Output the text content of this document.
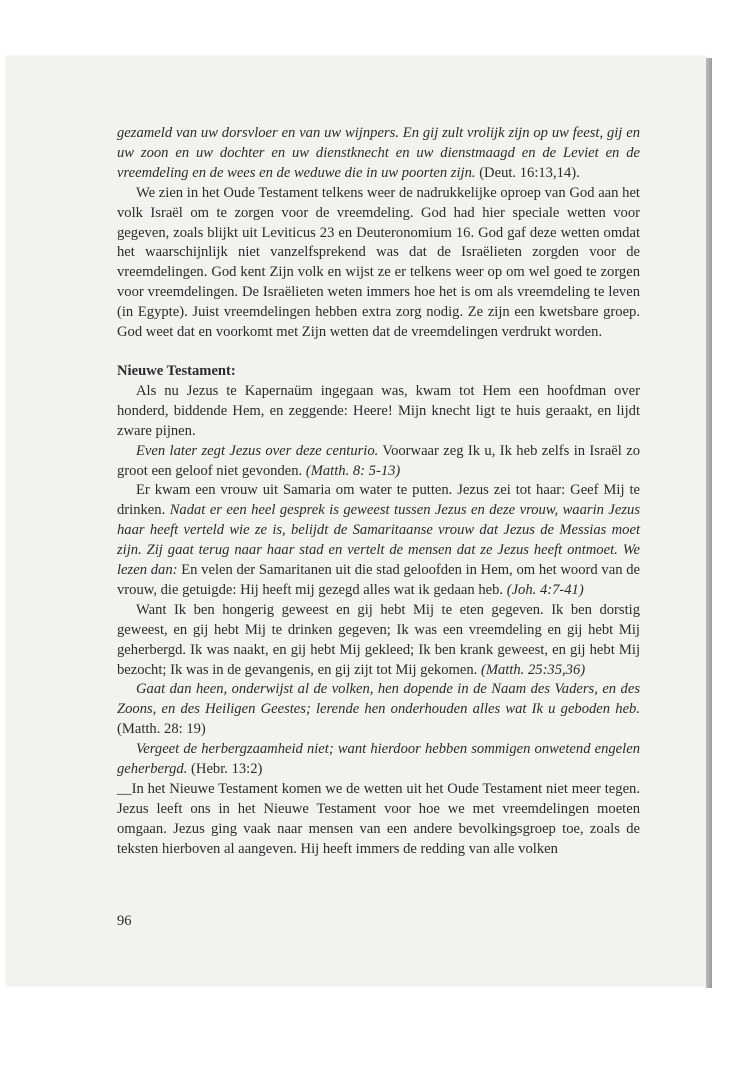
gezameld van uw dorsvloer en van uw wijnpers. En gij zult vrolijk zijn op uw feest, gij en uw zoon en uw dochter en uw dienstknecht en uw dienstmaagd en de Leviet en de vreemdeling en de wees en de weduwe die in uw poorten zijn. (Deut. 16:13,14).

We zien in het Oude Testament telkens weer de nadrukkelijke oproep van God aan het volk Israël om te zorgen voor de vreemdeling. God had hier speciale wetten voor gegeven, zoals blijkt uit Leviticus 23 en Deuteronomium 16. God gaf deze wetten omdat het waarschijnlijk niet vanzelfsprekend was dat de Israëlieten zorgden voor de vreemdelingen. God kent Zijn volk en wijst ze er telkens weer op om wel goed te zorgen voor vreemdelingen. De Israëlieten weten immers hoe het is om als vreemdeling te leven (in Egypte). Juist vreemdelingen hebben extra zorg nodig. Ze zijn een kwetsbare groep. God weet dat en voorkomt met Zijn wetten dat de vreemdelingen verdrukt worden.

Nieuwe Testament:

Als nu Jezus te Kapernaüm ingegaan was, kwam tot Hem een hoofdman over honderd, biddende Hem, en zeggende: Heere! Mijn knecht ligt te huis geraakt, en lijdt zware pijnen.

Even later zegt Jezus over deze centurio. Voorwaar zeg Ik u, Ik heb zelfs in Israël zo groot een geloof niet gevonden. (Matth. 8: 5-13)

Er kwam een vrouw uit Samaria om water te putten. Jezus zei tot haar: Geef Mij te drinken. Nadat er een heel gesprek is geweest tussen Jezus en deze vrouw, waarin Jezus haar heeft verteld wie ze is, belijdt de Samaritaanse vrouw dat Jezus de Messias moet zijn. Zij gaat terug naar haar stad en vertelt de mensen dat ze Jezus heeft ontmoet. We lezen dan: En velen der Samaritanen uit die stad geloofden in Hem, om het woord van de vrouw, die getuigde: Hij heeft mij gezegd alles wat ik gedaan heb. (Joh. 4:7-41)

Want Ik ben hongerig geweest en gij hebt Mij te eten gegeven. Ik ben dorstig geweest, en gij hebt Mij te drinken gegeven; Ik was een vreemdeling en gij hebt Mij geherbergd. Ik was naakt, en gij hebt Mij gekleed; Ik ben krank geweest, en gij hebt Mij bezocht; Ik was in de gevangenis, en gij zijt tot Mij gekomen. (Matth. 25:35,36)

Gaat dan heen, onderwijst al de volken, hen dopende in de Naam des Vaders, en des Zoons, en des Heiligen Geestes; lerende hen onderhouden alles wat Ik u geboden heb. (Matth. 28: 19)

Vergeet de herbergzaamheid niet; want hierdoor hebben sommigen onwetend engelen geherbergd. (Hebr. 13:2)

__In het Nieuwe Testament komen we de wetten uit het Oude Testament niet meer tegen. Jezus leeft ons in het Nieuwe Testament voor hoe we met vreemdelingen moeten omgaan. Jezus ging vaak naar mensen van een andere bevolkingsgroep toe, zoals de teksten hierboven al aangeven. Hij heeft immers de redding van alle volken

96
